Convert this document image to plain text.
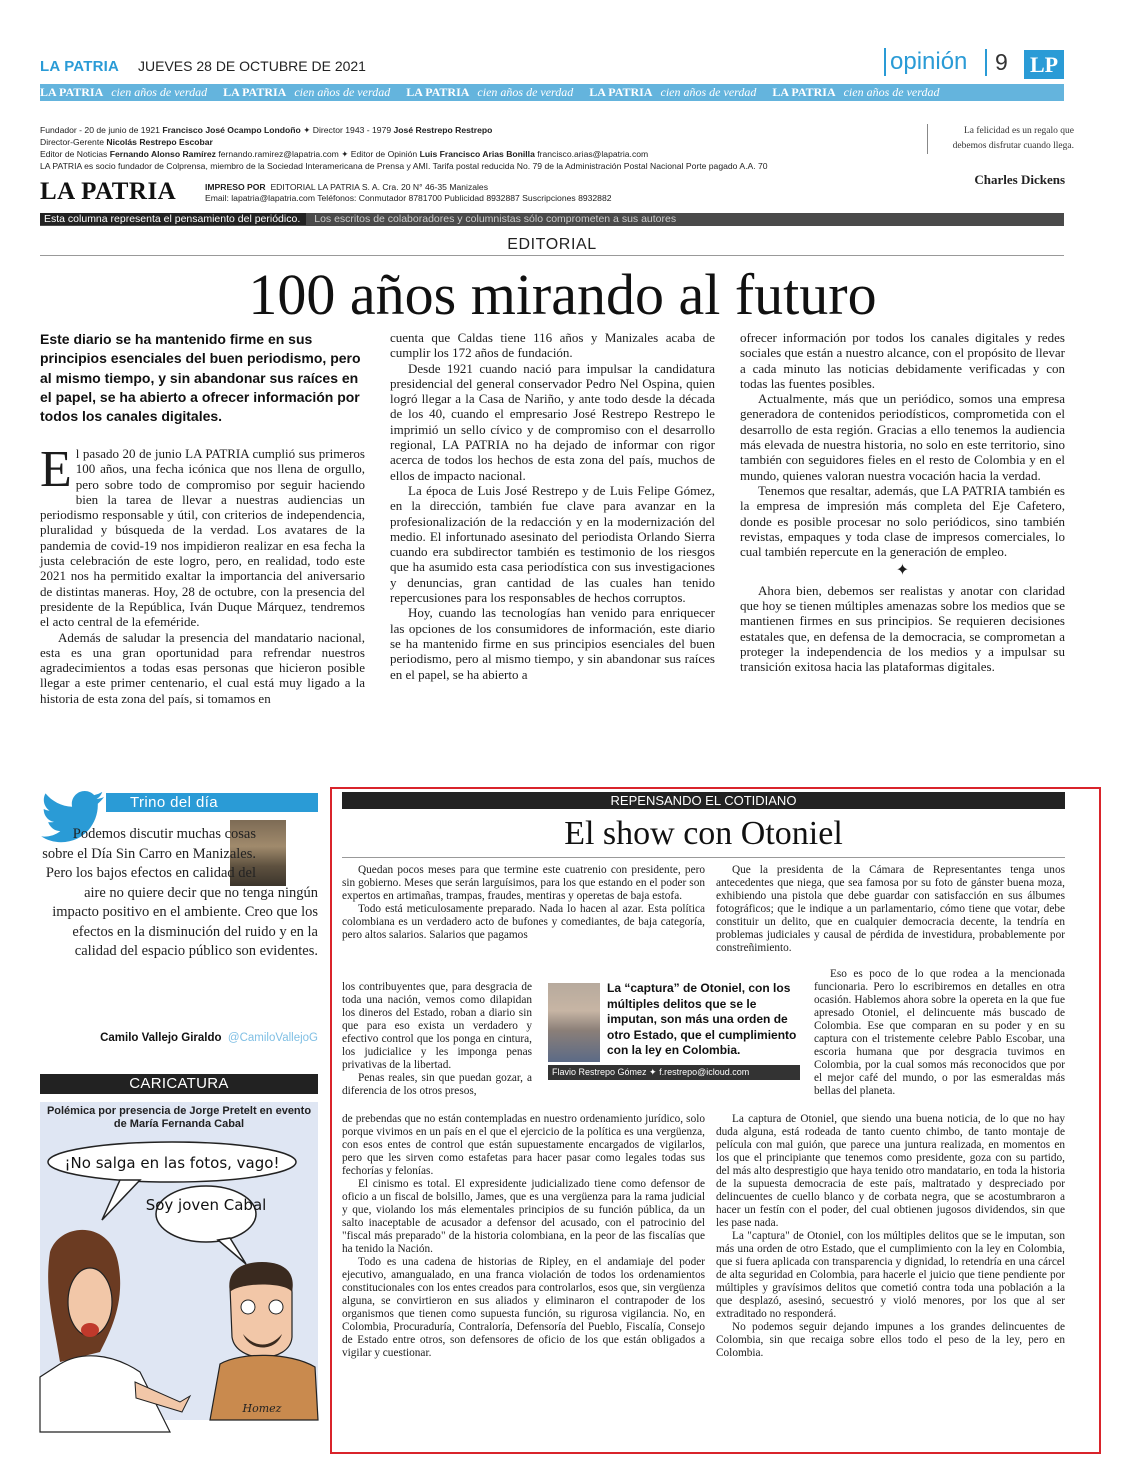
LA PATRIA JUEVES 28 DE OCTUBRE DE 2021	opinión	9 LP
LA PATRIA cien años de verdad LA PATRIA cien años de verdad LA PATRIA cien años de verdad LA PATRIA cien años de verdad LA PATRIA cien años de verdad
Fundador - 20 de junio de 1921 Francisco José Ocampo Londoño ✦ Director 1943 - 1979 José Restrepo Restrepo
Director-Gerente Nicolás Restrepo Escobar
Editor de Noticias Fernando Alonso Ramírez fernando.ramirez@lapatria.com ✦ Editor de Opinión Luis Francisco Arias Bonilla francisco.arias@lapatria.com
LA PATRIA es socio fundador de Colprensa, miembro de la Sociedad Interamericana de Prensa y AMI. Tarifa postal reducida No. 79 de la Administración Postal Nacional Porte pagado A.A. 70
La felicidad es un regalo que debemos disfrutar cuando llega.
Charles Dickens
LA PATRIA	IMPRESO POR EDITORIAL LA PATRIA S. A. Cra. 20 N° 46-35 Manizales
Email: lapatria@lapatria.com Teléfonos: Conmutador 8781700 Publicidad 8932887 Suscripciones 8932882
Esta columna representa el pensamiento del periódico. Los escritos de colaboradores y columnistas sólo comprometen a sus autores
EDITORIAL
100 años mirando al futuro
Este diario se ha mantenido firme en sus principios esenciales del buen periodismo, pero al mismo tiempo, y sin abandonar sus raíces en el papel, se ha abierto a ofrecer información por todos los canales digitales.

El pasado 20 de junio LA PATRIA cumplió sus primeros 100 años, una fecha icónica que nos llena de orgullo, pero sobre todo de compromiso por seguir haciendo bien la tarea de llevar a nuestras audiencias un periodismo responsable y útil, con criterios de independencia, pluralidad y búsqueda de la verdad. Los avatares de la pandemia de covid-19 nos impidieron realizar en esa fecha la justa celebración de este logro, pero, en realidad, todo este 2021 nos ha permitido exaltar la importancia del aniversario de distintas maneras. Hoy, 28 de octubre, con la presencia del presidente de la República, Iván Duque Márquez, tendremos el acto central de la efeméride.

Además de saludar la presencia del mandatario nacional, esta es una gran oportunidad para refrendar nuestros agradecimientos a todas esas personas que hicieron posible llegar a este primer centenario, el cual está muy ligado a la historia de esta zona del país, si tomamos en

cuenta que Caldas tiene 116 años y Manizales acaba de cumplir los 172 años de fundación.

Desde 1921 cuando nació para impulsar la candidatura presidencial del general conservador Pedro Nel Ospina, quien logró llegar a la Casa de Nariño, y ante todo desde la década de los 40, cuando el empresario José Restrepo Restrepo le imprimió un sello cívico y de compromiso con el desarrollo regional, LA PATRIA no ha dejado de informar con rigor acerca de todos los hechos de esta zona del país, muchos de ellos de impacto nacional.

La época de Luis José Restrepo y de Luis Felipe Gómez, en la dirección, también fue clave para avanzar en la profesionalización de la redacción y en la modernización del medio. El infortunado asesinato del periodista Orlando Sierra cuando era subdirector también es testimonio de los riesgos que ha asumido esta casa periodística con sus investigaciones y denuncias, gran cantidad de las cuales han tenido repercusiones para los responsables de hechos corruptos.

Hoy, cuando las tecnologías han venido para enriquecer las opciones de los consumidores de información, este diario se ha mantenido firme en sus principios esenciales del buen periodismo, pero al mismo tiempo, y sin abandonar sus raíces en el papel, se ha abierto a

ofrecer información por todos los canales digitales y redes sociales que están a nuestro alcance, con el propósito de llevar a cada minuto las noticias debidamente verificadas y con todas las fuentes posibles.

Actualmente, más que un periódico, somos una empresa generadora de contenidos periodísticos, comprometida con el desarrollo de esta región. Gracias a ello tenemos la audiencia más elevada de nuestra historia, no solo en este territorio, sino también con seguidores fieles en el resto de Colombia y en el mundo, quienes valoran nuestra vocación hacia la verdad.

Tenemos que resaltar, además, que LA PATRIA también es la empresa de impresión más completa del Eje Cafetero, donde es posible procesar no solo periódicos, sino también revistas, empaques y toda clase de impresos comerciales, lo cual también repercute en la generación de empleo.

✦

Ahora bien, debemos ser realistas y anotar con claridad que hoy se tienen múltiples amenazas sobre los medios que se mantienen firmes en sus principios. Se requieren decisiones estatales que, en defensa de la democracia, se comprometan a proteger la independencia de los medios y a impulsar su transición exitosa hacia las plataformas digitales.

Trino del día
Podemos discutir muchas cosas sobre el Día Sin Carro en Manizales. Pero los bajos efectos en calidad del aire no quiere decir que no tenga ningún impacto positivo en el ambiente. Creo que los efectos en la disminución del ruido y en la calidad del espacio público son evidentes.
Camilo Vallejo Giraldo @CamiloVallejoG
CARICATURA
¡No salga en las fotos, vago!
Soy joven Cabal
Homez
Polémica por presencia de Jorge Pretelt en evento de María Fernanda Cabal
REPENSANDO EL COTIDIANO
El show con Otoniel

Quedan pocos meses para que termine este cuatrenio con presidente, pero sin gobierno. Meses que serán larguísimos, para los que estando en el poder son expertos en artimañas, trampas, fraudes, mentiras y operetas de baja estofa.

Todo está meticulosamente preparado. Nada lo hacen al azar. Esta política colombiana es un verdadero acto de bufones y comediantes, de baja categoría, pero altos salarios. Salarios que pagamos

los contribuyentes que, para desgracia de toda una nación, vemos como dilapidan los dineros del Estado, roban a diario sin que para eso exista un verdadero y efectivo control que los ponga en cintura, los judicialice y les imponga penas privativas de la libertad.

Penas reales, sin que puedan gozar, a diferencia de los otros presos,

de prebendas que no están contempladas en nuestro ordenamiento jurídico, solo porque vivimos en un país en el que el ejercicio de la política es una vergüenza, con esos entes de control que están supuestamente encargados de vigilarlos, pero que les sirven como estafetas para hacer pasar como legales todas sus fechorías y felonías.

El cinismo es total. El expresidente judicializado tiene como defensor de oficio a un fiscal de bolsillo, James, que es una vergüenza para la rama judicial y que, violando los más elementales principios de su función pública, da un salto inaceptable de acusador a defensor del acusado, con el patrocinio del "fiscal más preparado" de la historia colombiana, en la peor de las fiscalías que ha tenido la Nación.

Todo es una cadena de historias de Ripley, en el andamiaje del poder ejecutivo, amangualado, en una franca violación de todos los ordenamientos constitucionales con los entes creados para controlarlos, esos que, sin vergüenza alguna, se convirtieron en sus aliados y eliminaron el contrapoder de los organismos que tienen como supuesta función, su rigurosa vigilancia. No, en Colombia, Procuraduría, Contraloría, Defensoría del Pueblo, Fiscalía, Consejo de Estado entre otros, son defensores de oficio de los que están obligados a vigilar y cuestionar.

La “captura” de Otoniel, con los múltiples delitos que se le imputan, son más una orden de otro Estado, que el cumplimiento con la ley en Colombia.
Flavio Restrepo Gómez ✦ f.restrepo@icloud.com

Que la presidenta de la Cámara de Representantes tenga unos antecedentes que niega, que sea famosa por su foto de gánster buena moza, exhibiendo una pistola que debe guardar con satisfacción en sus álbumes fotográficos; que le indique a un parlamentario, cómo tiene que votar, debe constituir un delito, que en cualquier democracia decente, la tendría en problemas judiciales y causal de pérdida de investidura, probablemente por constreñimiento.

Eso es poco de lo que rodea a la mencionada funcionaria. Pero lo escribiremos en detalles en otra ocasión. Hablemos ahora sobre la opereta en la que fue apresado Otoniel, el delincuente más buscado de Colombia. Ese que comparan en su poder y en su captura con el tristemente celebre Pablo Escobar, una escoria humana que por desgracia tuvimos en Colombia, por la cual somos más reconocidos que por el mejor café del mundo, o por las esmeraldas más bellas del planeta.

La captura de Otoniel, que siendo una buena noticia, de lo que no hay duda alguna, está rodeada de tanto cuento chimbo, de tanto montaje de película con mal guión, que parece una juntura realizada, en momentos en los que el principiante que tenemos como presidente, goza con su partido, del más alto desprestigio que haya tenido otro mandatario, en toda la historia de la supuesta democracia de este país, maltratado y despreciado por delincuentes de cuello blanco y de corbata negra, que se acostumbraron a hacer un festín con el poder, del cual obtienen jugosos dividendos, sin que les pase nada.

La "captura" de Otoniel, con los múltiples delitos que se le imputan, son más una orden de otro Estado, que el cumplimiento con la ley en Colombia, que si fuera aplicada con transparencia y dignidad, lo retendría en una cárcel de alta seguridad en Colombia, para hacerle el juicio que tiene pendiente por múltiples y gravísimos delitos que cometió contra toda una población a la que desplazó, asesinó, secuestró y violó menores, por los que al ser extraditado no responderá.

No podemos seguir dejando impunes a los grandes delincuentes de Colombia, sin que recaiga sobre ellos todo el peso de la ley, pero en Colombia.
